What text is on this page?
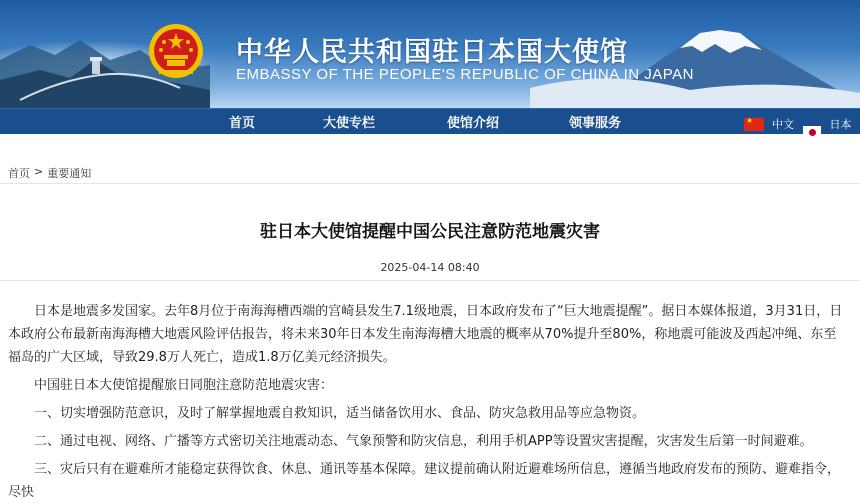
中华人民共和国驻日本国大使馆
EMBASSY OF THE PEOPLE'S REPUBLIC OF CHINA IN JAPAN
首页	大使专栏	使馆介绍	领事服务
★	中文	日本語
首页 > 重要通知
驻日本大使馆提醒中国公民注意防范地震灾害
2025-04-14 08:40

日本是地震多发国家。去年8月位于南海海槽西端的宫崎县发生7.1级地震，日本政府发布了“巨大地震提醒”。据日本媒体报道，3月31日，日本政府公布最新南海海槽大地震风险评估报告，将未来30年日本发生南海海槽大地震的概率从70%提升至80%，称地震可能波及西起冲绳、东至福岛的广大区域，导致29.8万人死亡，造成1.8万亿美元经济损失。

中国驻日本大使馆提醒旅日同胞注意防范地震灾害：

一、切实增强防范意识，及时了解掌握地震自救知识，适当储备饮用水、食品、防灾急救用品等应急物资。

二、通过电视、网络、广播等方式密切关注地震动态、气象预警和防灾信息，利用手机APP等设置灾害提醒，灾害发生后第一时间避难。

三、灾后只有在避难所才能稳定获得饮食、休息、通讯等基本保障。建议提前确认附近避难场所信息，遵循当地政府发布的预防、避难指令，尽快
